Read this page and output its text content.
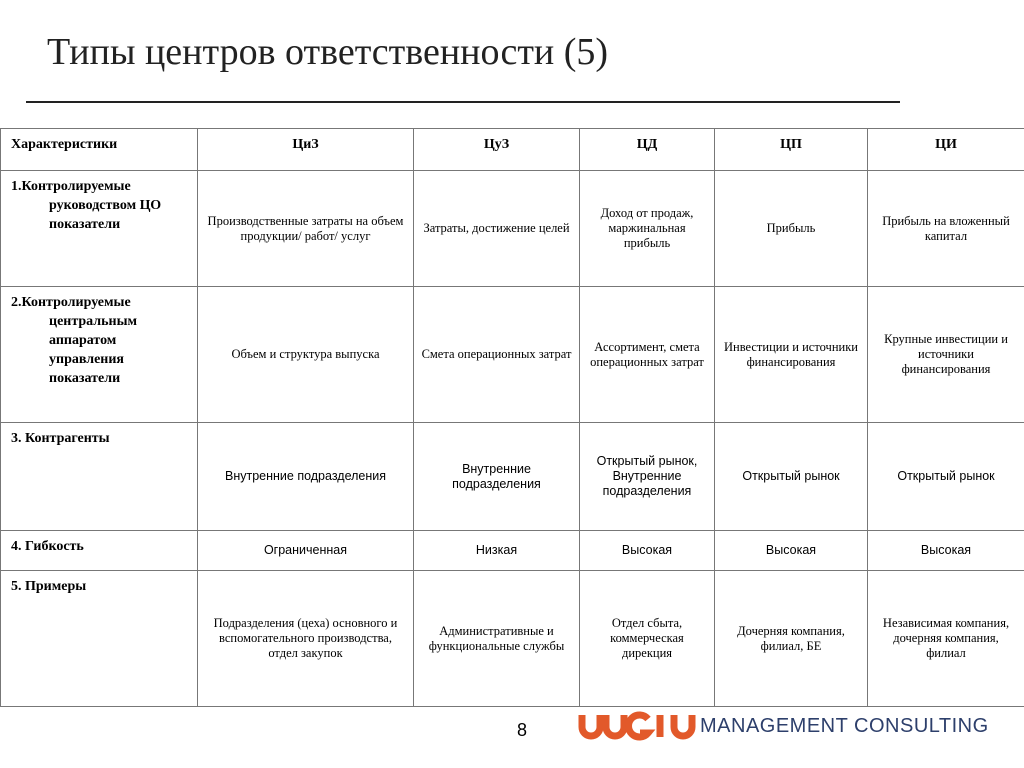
Типы центров ответственности (5)
Характеристики	ЦиЗ	ЦуЗ	ЦД	ЦП	ЦИ
1.Контролируемые
руководством ЦО
показатели	Производственные затраты на объем продукции/ работ/ услуг	Затраты, достижение целей	Доход от продаж, маржинальная прибыль	Прибыль	Прибыль на вложенный капитал
2.Контролируемые
центральным
аппаратом
управления
показатели	Объем и структура выпуска	Смета операционных затрат	Ассортимент, смета операционных затрат	Инвестиции и источники финансирования	Крупные инвестиции и источники финансирования
3. Контрагенты	Внутренние подразделения	Внутренние подразделения	Открытый рынок, Внутренние подразделения	Открытый рынок	Открытый рынок
4. Гибкость	Ограниченная	Низкая	Высокая	Высокая	Высокая
5. Примеры	Подразделения (цеха) основного и вспомогательного производства, отдел закупок	Административные и функциональные службы	Отдел сбыта, коммерческая дирекция	Дочерняя компания, филиал, БЕ	Независимая компания, дочерняя компания, филиал
8	MANAGEMENT CONSULTING
